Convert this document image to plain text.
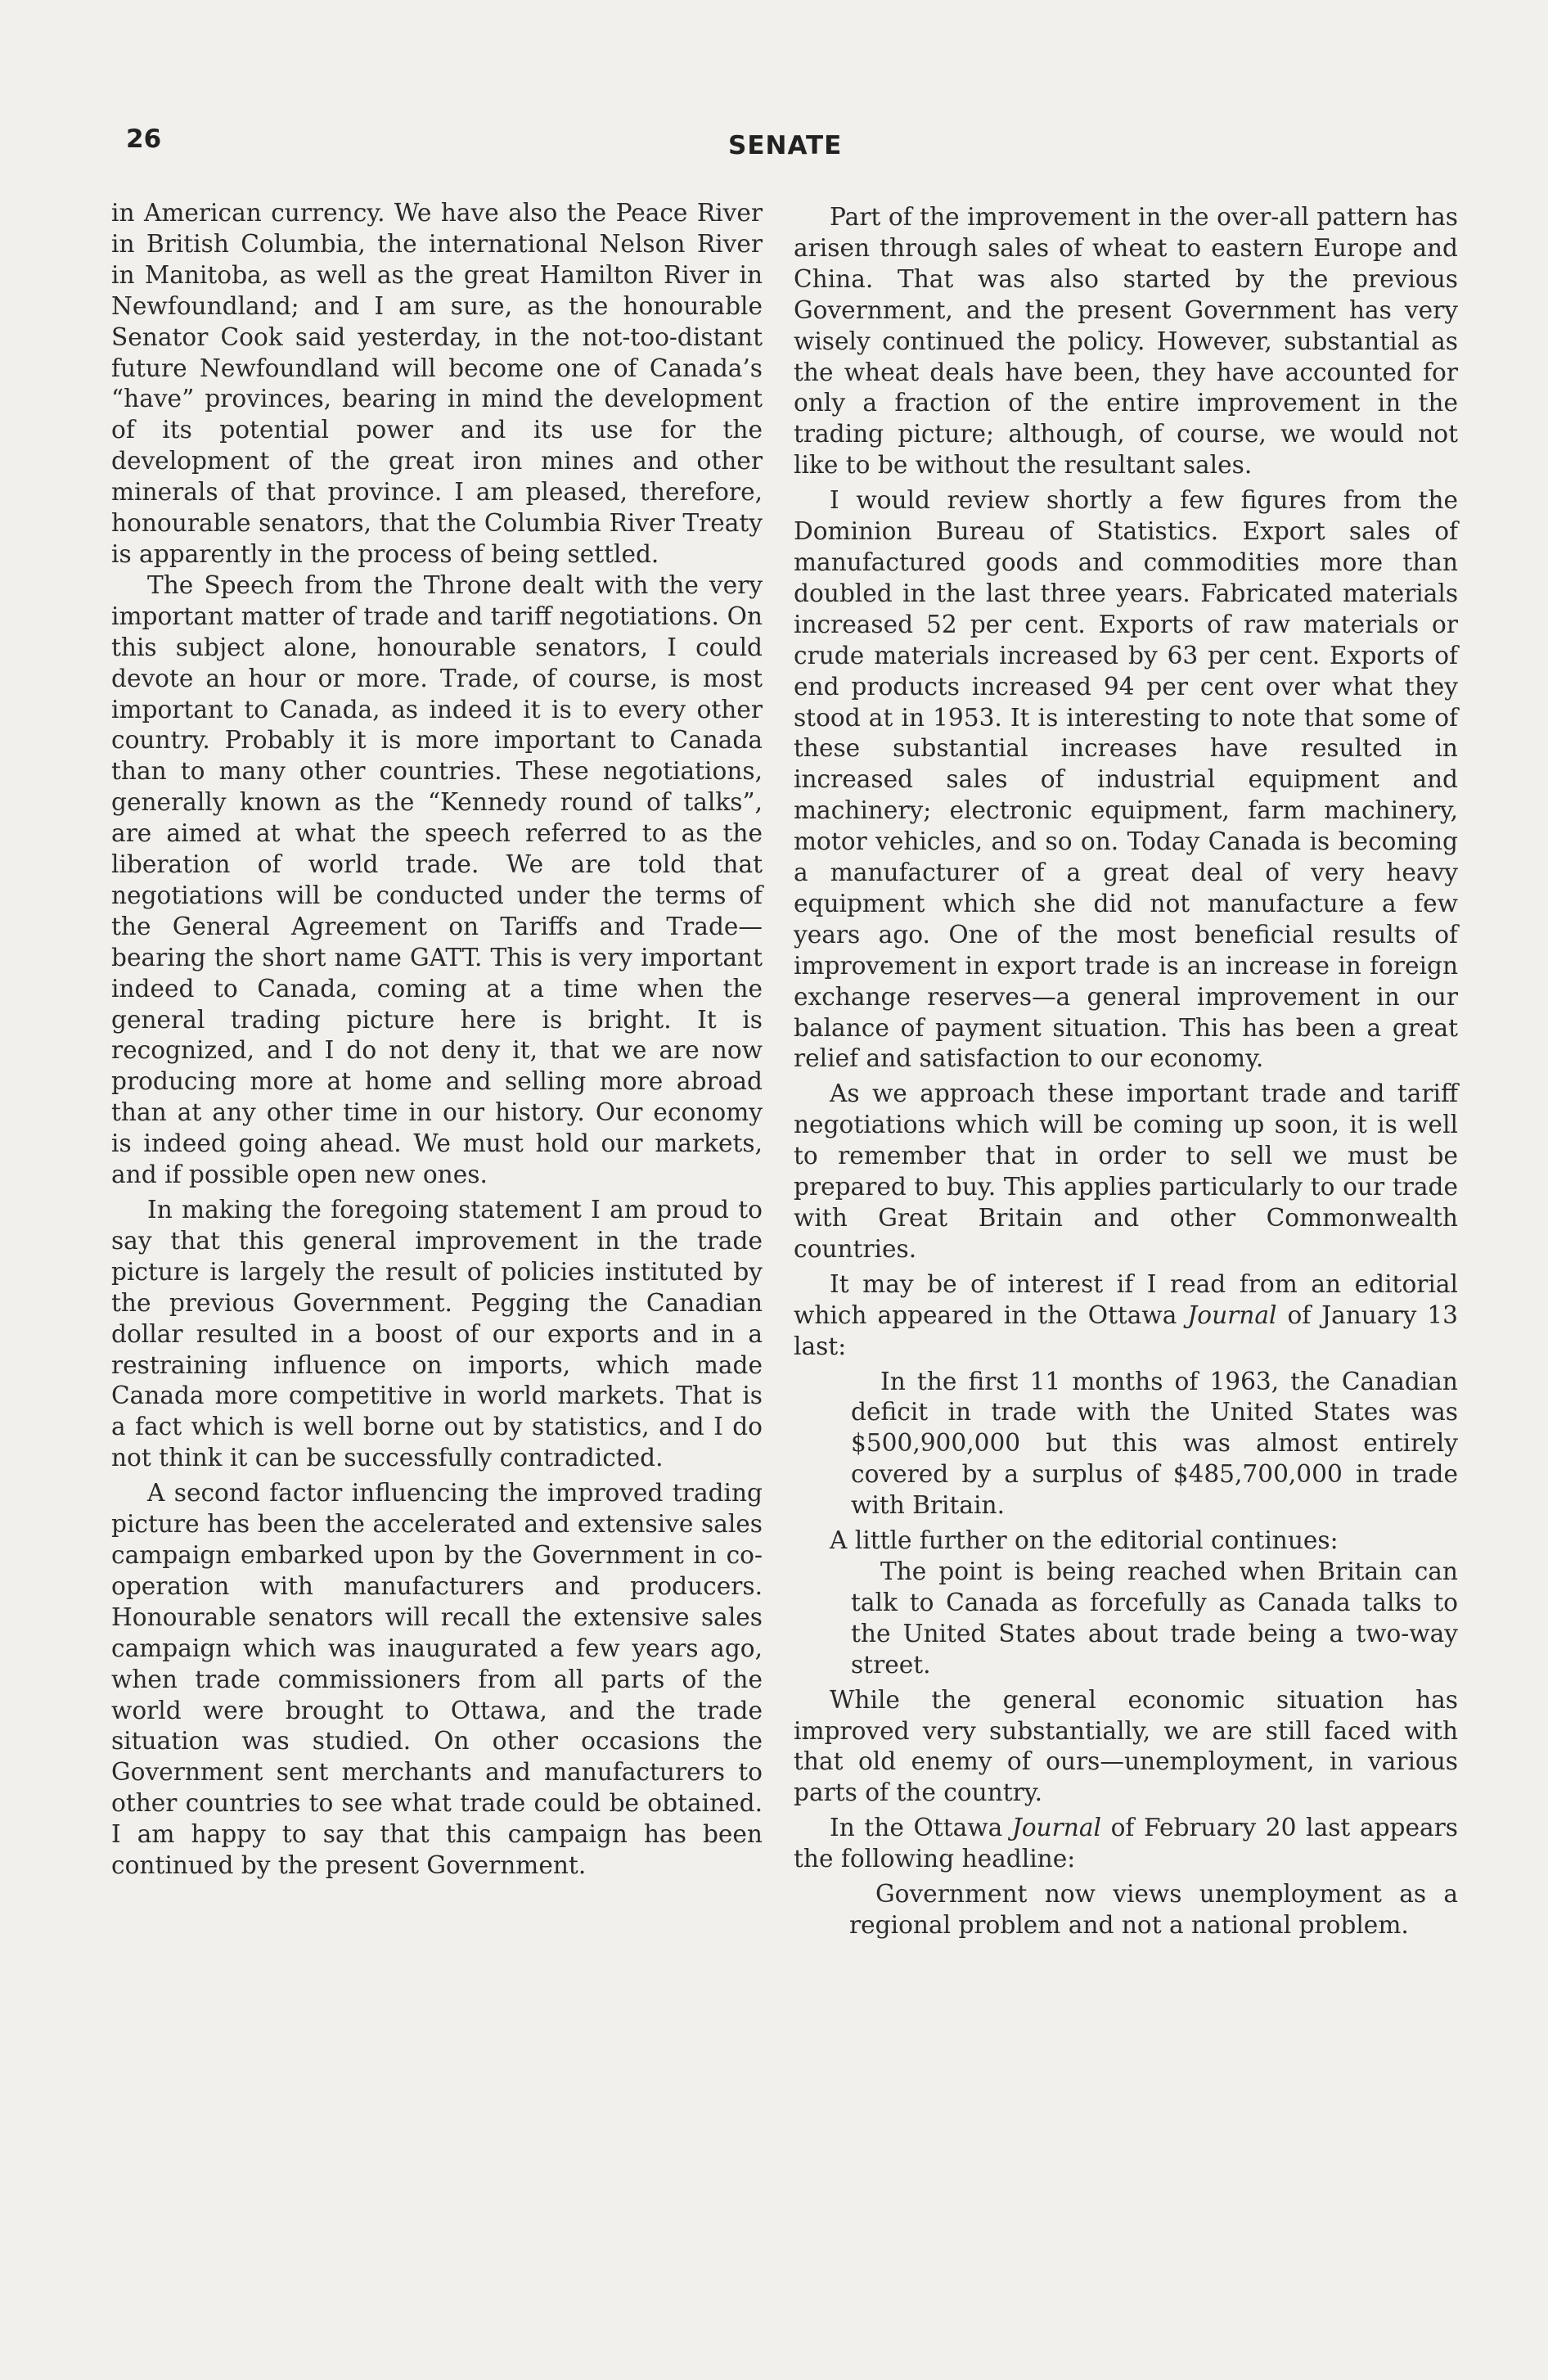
26	SENATE

in American currency. We have also the Peace River in British Columbia, the international Nelson River in Manitoba, as well as the great Hamilton River in Newfoundland; and I am sure, as the honourable Senator Cook said yesterday, in the not-too-distant future Newfoundland will become one of Canada’s “have” provinces, bearing in mind the development of its potential power and its use for the development of the great iron mines and other minerals of that province. I am pleased, therefore, honourable senators, that the Columbia River Treaty is apparently in the process of being settled.

The Speech from the Throne dealt with the very important matter of trade and tariff negotiations. On this subject alone, honourable senators, I could devote an hour or more. Trade, of course, is most important to Canada, as indeed it is to every other country. Probably it is more important to Canada than to many other countries. These negotiations, generally known as the “Kennedy round of talks”, are aimed at what the speech referred to as the liberation of world trade. We are told that negotiations will be conducted under the terms of the General Agreement on Tariffs and Trade—bearing the short name GATT. This is very important indeed to Canada, coming at a time when the general trading picture here is bright. It is recognized, and I do not deny it, that we are now producing more at home and selling more abroad than at any other time in our history. Our economy is indeed going ahead. We must hold our markets, and if possible open new ones.

In making the foregoing statement I am proud to say that this general improvement in the trade picture is largely the result of policies instituted by the previous Government. Pegging the Canadian dollar resulted in a boost of our exports and in a restraining influence on imports, which made Canada more competitive in world markets. That is a fact which is well borne out by statistics, and I do not think it can be successfully contradicted.

A second factor influencing the improved trading picture has been the accelerated and extensive sales campaign embarked upon by the Government in co-operation with manufacturers and producers. Honourable senators will recall the extensive sales campaign which was inaugurated a few years ago, when trade commissioners from all parts of the world were brought to Ottawa, and the trade situation was studied. On other occasions the Government sent merchants and manufacturers to other countries to see what trade could be obtained. I am happy to say that this campaign has been continued by the present Government.

Part of the improvement in the over-all pattern has arisen through sales of wheat to eastern Europe and China. That was also started by the previous Government, and the present Government has very wisely continued the policy. However, substantial as the wheat deals have been, they have accounted for only a fraction of the entire improvement in the trading picture; although, of course, we would not like to be without the resultant sales.

I would review shortly a few figures from the Dominion Bureau of Statistics. Export sales of manufactured goods and commodities more than doubled in the last three years. Fabricated materials increased 52 per cent. Exports of raw materials or crude materials increased by 63 per cent. Exports of end products increased 94 per cent over what they stood at in 1953. It is interesting to note that some of these substantial increases have resulted in increased sales of industrial equipment and machinery; electronic equipment, farm machinery, motor vehicles, and so on. Today Canada is becoming a manufacturer of a great deal of very heavy equipment which she did not manufacture a few years ago. One of the most beneficial results of improvement in export trade is an increase in foreign exchange reserves—a general improvement in our balance of payment situation. This has been a great relief and satisfaction to our economy.

As we approach these important trade and tariff negotiations which will be coming up soon, it is well to remember that in order to sell we must be prepared to buy. This applies particularly to our trade with Great Britain and other Commonwealth countries.

It may be of interest if I read from an editorial which appeared in the Ottawa Journal of January 13 last:

In the first 11 months of 1963, the Canadian deficit in trade with the United States was $500,900,000 but this was almost entirely covered by a surplus of $485,700,000 in trade with Britain.

A little further on the editorial continues:

The point is being reached when Britain can talk to Canada as forcefully as Canada talks to the United States about trade being a two-way street.

While the general economic situation has improved very substantially, we are still faced with that old enemy of ours—unemployment, in various parts of the country.

In the Ottawa Journal of February 20 last appears the following headline:

Government now views unemployment as a regional problem and not a national problem.
